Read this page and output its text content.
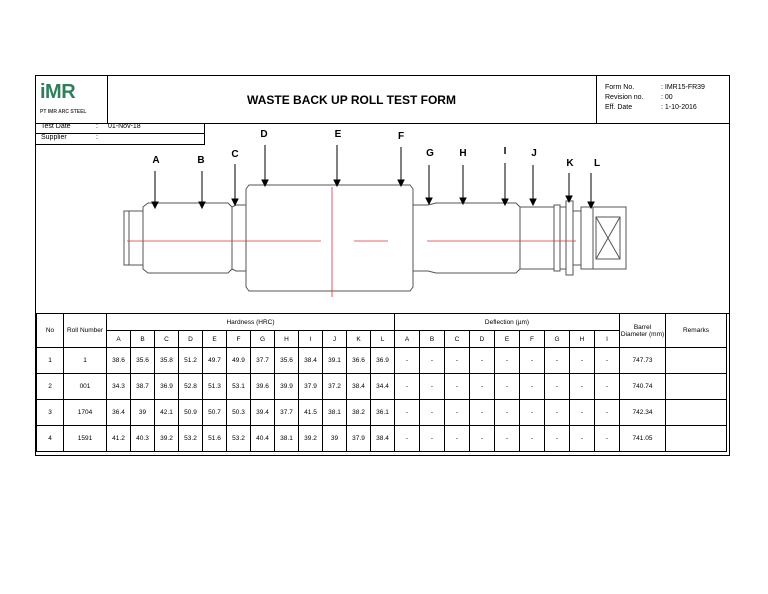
iMR
PT IMR ARC STEEL
WASTE BACK UP ROLL TEST FORM
Form No.	: IMR15-FR39
Revision no. : 00
Eff. Date	: 1-10-2016
A	B
C
D	E	F
G	H	I J
K L
Test Date	: 01-Nov-18
Supplier	:
No	Roll Number	Hardness (HRC)												Deflection (µm)									Barrel Diameter (mm)	Remarks
		A	B	C	D	E	F	G	H	I	J	K	L	A	B	C	D	E	F	G	H	I		
1	1	38.6	35.6	35.8	51.2	49.7	49.9	37.7	35.6	38.4	39.1	36.6	36.9	-	-	-	-	-	-	-	-	-	747.73	
2	001	34.3	38.7	36.9	52.8	51.3	53.1	39.6	39.9	37.9	37.2	38.4	34.4	-	-	-	-	-	-	-	-	-	740.74	
3	1704	36.4	39	42.1	50.9	50.7	50.3	39.4	37.7	41.5	38.1	38.2	36.1	-	-	-	-	-	-	-	-	-	742.34	
4	1591	41.2	40.3	39.2	53.2	51.6	53.2	40.4	38.1	39.2	39	37.9	38.4	-	-	-	-	-	-	-	-	-	741.05	
